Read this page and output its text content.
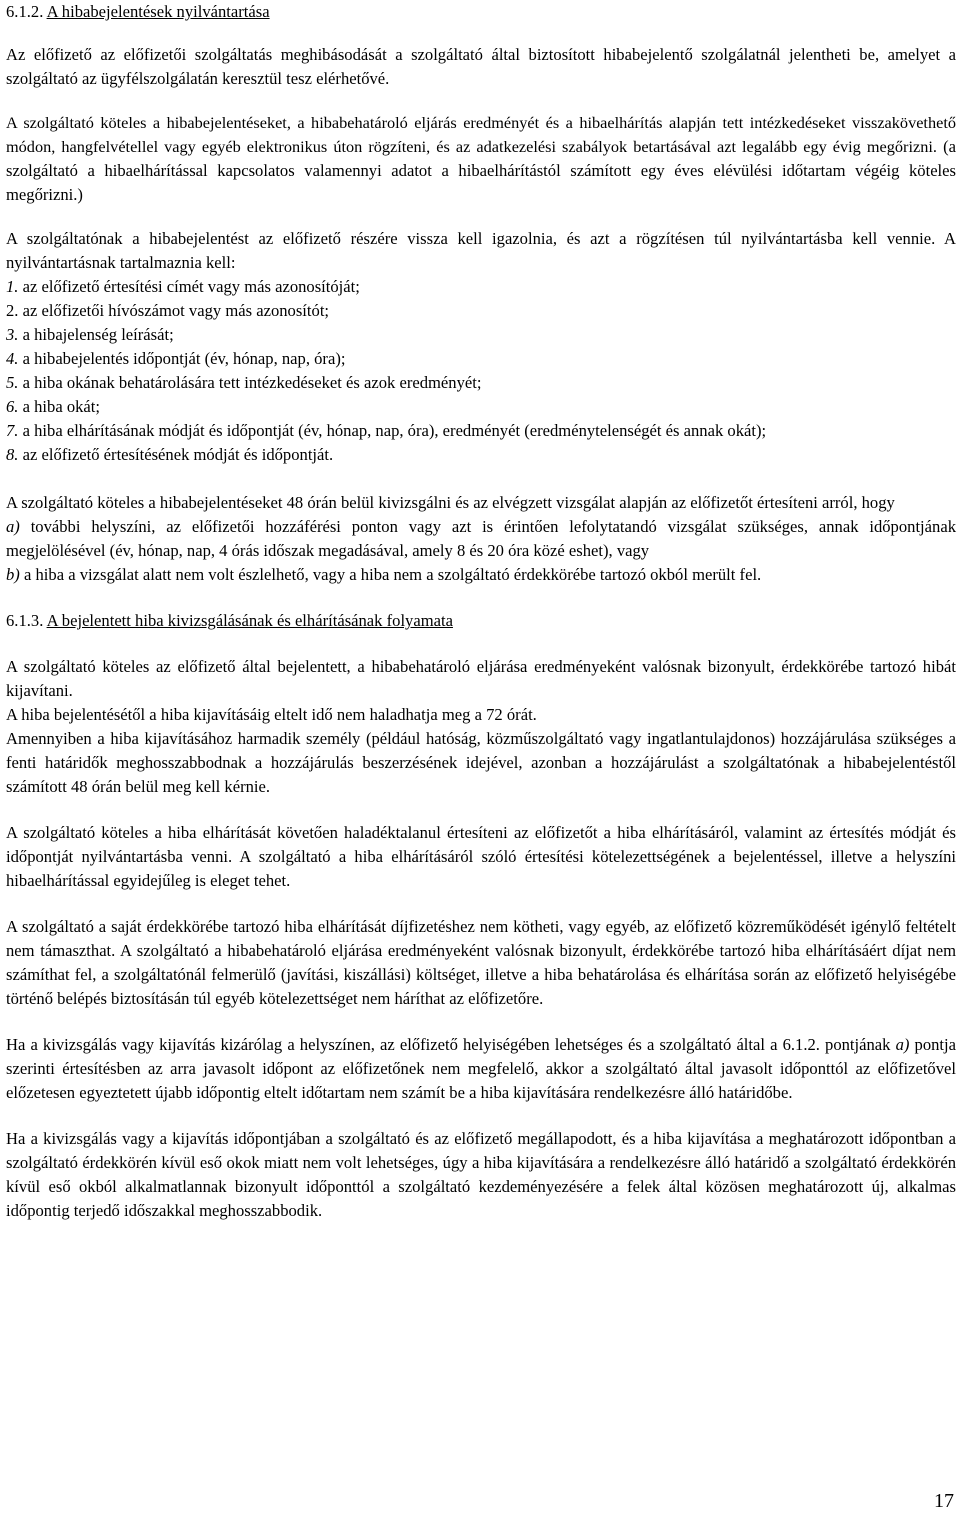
6.1.2. A hibabejelentések nyilvántartása

Az előfizető az előfizetői szolgáltatás meghibásodását a szolgáltató által biztosított hibabejelentő szolgálatnál jelentheti be, amelyet a szolgáltató az ügyfélszolgálatán keresztül tesz elérhetővé.

A szolgáltató köteles a hibabejelentéseket, a hibabehatároló eljárás eredményét és a hibaelhárítás alapján tett intézkedéseket visszakövethető módon, hangfelvétellel vagy egyéb elektronikus úton rögzíteni, és az adatkezelési szabályok betartásával azt legalább egy évig megőrizni. (a szolgáltató a hibaelhárítással kapcsolatos valamennyi adatot a hibaelhárítástól számított egy éves elévülési időtartam végéig köteles megőrizni.)

A szolgáltatónak a hibabejelentést az előfizető részére vissza kell igazolnia, és azt a rögzítésen túl nyilvántartásba kell vennie. A nyilvántartásnak tartalmaznia kell:

1. az előfizető értesítési címét vagy más azonosítóját;

2. az előfizetői hívószámot vagy más azonosítót;

3. a hibajelenség leírását;

4. a hibabejelentés időpontját (év, hónap, nap, óra);

5. a hiba okának behatárolására tett intézkedéseket és azok eredményét;

6. a hiba okát;

7. a hiba elhárításának módját és időpontját (év, hónap, nap, óra), eredményét (eredménytelenségét és annak okát);

8. az előfizető értesítésének módját és időpontját.

A szolgáltató köteles a hibabejelentéseket 48 órán belül kivizsgálni és az elvégzett vizsgálat alapján az előfizetőt értesíteni arról, hogy

a) további helyszíni, az előfizetői hozzáférési ponton vagy azt is érintően lefolytatandó vizsgálat szükséges, annak időpontjának megjelölésével (év, hónap, nap, 4 órás időszak megadásával, amely 8 és 20 óra közé eshet), vagy

b) a hiba a vizsgálat alatt nem volt észlelhető, vagy a hiba nem a szolgáltató érdekkörébe tartozó okból merült fel.

6.1.3. A bejelentett hiba kivizsgálásának és elhárításának folyamata

A szolgáltató köteles az előfizető által bejelentett, a hibabehatároló eljárása eredményeként valósnak bizonyult, érdekkörébe tartozó hibát kijavítani.

A hiba bejelentésétől a hiba kijavításáig eltelt idő nem haladhatja meg a 72 órát.

Amennyiben a hiba kijavításához harmadik személy (például hatóság, közműszolgáltató vagy ingatlantulajdonos) hozzájárulása szükséges a fenti határidők meghosszabbodnak a hozzájárulás beszerzésének idejével, azonban a hozzájárulást a szolgáltatónak a hibabejelentéstől számított 48 órán belül meg kell kérnie.

A szolgáltató köteles a hiba elhárítását követően haladéktalanul értesíteni az előfizetőt a hiba elhárításáról, valamint az értesítés módját és időpontját nyilvántartásba venni. A szolgáltató a hiba elhárításáról szóló értesítési kötelezettségének a bejelentéssel, illetve a helyszíni hibaelhárítással egyidejűleg is eleget tehet.

A szolgáltató a saját érdekkörébe tartozó hiba elhárítását díjfizetéshez nem kötheti, vagy egyéb, az előfizető közreműködését igénylő feltételt nem támaszthat. A szolgáltató a hibabehatároló eljárása eredményeként valósnak bizonyult, érdekkörébe tartozó hiba elhárításáért díjat nem számíthat fel, a szolgáltatónál felmerülő (javítási, kiszállási) költséget, illetve a hiba behatárolása és elhárítása során az előfizető helyiségébe történő belépés biztosításán túl egyéb kötelezettséget nem háríthat az előfizetőre.

Ha a kivizsgálás vagy kijavítás kizárólag a helyszínen, az előfizető helyiségében lehetséges és a szolgáltató által a 6.1.2. pontjának a) pontja szerinti értesítésben az arra javasolt időpont az előfizetőnek nem megfelelő, akkor a szolgáltató által javasolt időponttól az előfizetővel előzetesen egyeztetett újabb időpontig eltelt időtartam nem számít be a hiba kijavítására rendelkezésre álló határidőbe.

Ha a kivizsgálás vagy a kijavítás időpontjában a szolgáltató és az előfizető megállapodott, és a hiba kijavítása a meghatározott időpontban a szolgáltató érdekkörén kívül eső okok miatt nem volt lehetséges, úgy a hiba kijavítására a rendelkezésre álló határidő a szolgáltató érdekkörén kívül eső okból alkalmatlannak bizonyult időponttól a szolgáltató kezdeményezésére a felek által közösen meghatározott új, alkalmas időpontig terjedő időszakkal meghosszabbodik.

17
